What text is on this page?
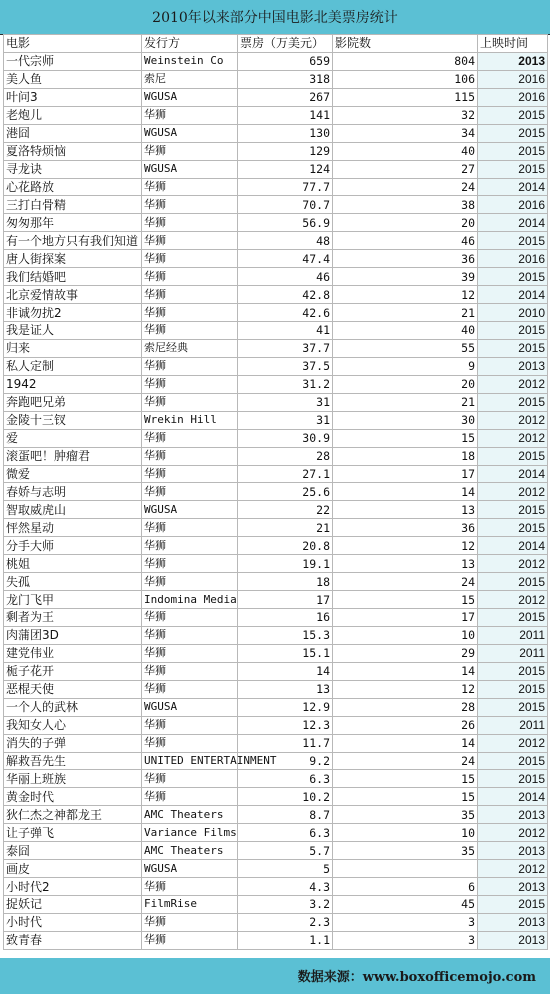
2010年以来部分中国电影北美票房统计
电影	发行方	票房（万美元）	影院数	上映时间
一代宗师	Weinstein Co	659	804	2013
美人鱼	索尼	318	106	2016
叶问3	WGUSA	267	115	2016
老炮儿	华狮	141	32	2015
港囧	WGUSA	130	34	2015
夏洛特烦恼	华狮	129	40	2015
寻龙诀	WGUSA	124	27	2015
心花路放	华狮	77.7	24	2014
三打白骨精	华狮	70.7	38	2016
匆匆那年	华狮	56.9	20	2014
有一个地方只有我们知道	华狮	48	46	2015
唐人街探案	华狮	47.4	36	2016
我们结婚吧	华狮	46	39	2015
北京爱情故事	华狮	42.8	12	2014
非诚勿扰2	华狮	42.6	21	2010
我是证人	华狮	41	40	2015
归来	索尼经典	37.7	55	2015
私人定制	华狮	37.5	9	2013
1942	华狮	31.2	20	2012
奔跑吧兄弟	华狮	31	21	2015
金陵十三钗	Wrekin Hill	31	30	2012
爱	华狮	30.9	15	2012
滚蛋吧！肿瘤君	华狮	28	18	2015
微爱	华狮	27.1	17	2014
春娇与志明	华狮	25.6	14	2012
智取威虎山	WGUSA	22	13	2015
怦然星动	华狮	21	36	2015
分手大师	华狮	20.8	12	2014
桃姐	华狮	19.1	13	2012
失孤	华狮	18	24	2015
龙门飞甲	Indomina Media	17	15	2012
剩者为王	华狮	16	17	2015
肉蒲团3D	华狮	15.3	10	2011
建党伟业	华狮	15.1	29	2011
栀子花开	华狮	14	14	2015
恶棍天使	华狮	13	12	2015
一个人的武林	WGUSA	12.9	28	2015
我知女人心	华狮	12.3	26	2011
消失的子弹	华狮	11.7	14	2012
解救吾先生	UNITED ENTERTAINMENT	9.2	24	2015
华丽上班族	华狮	6.3	15	2015
黄金时代	华狮	10.2	15	2014
狄仁杰之神都龙王	AMC Theaters	8.7	35	2013
让子弹飞	Variance Films	6.3	10	2012
泰囧	AMC Theaters	5.7	35	2013
画皮	WGUSA	5		2012
小时代2	华狮	4.3	6	2013
捉妖记	FilmRise	3.2	45	2015
小时代	华狮	2.3	3	2013
致青春	华狮	1.1	3	2013
数据来源：www.boxofficemojo.com
